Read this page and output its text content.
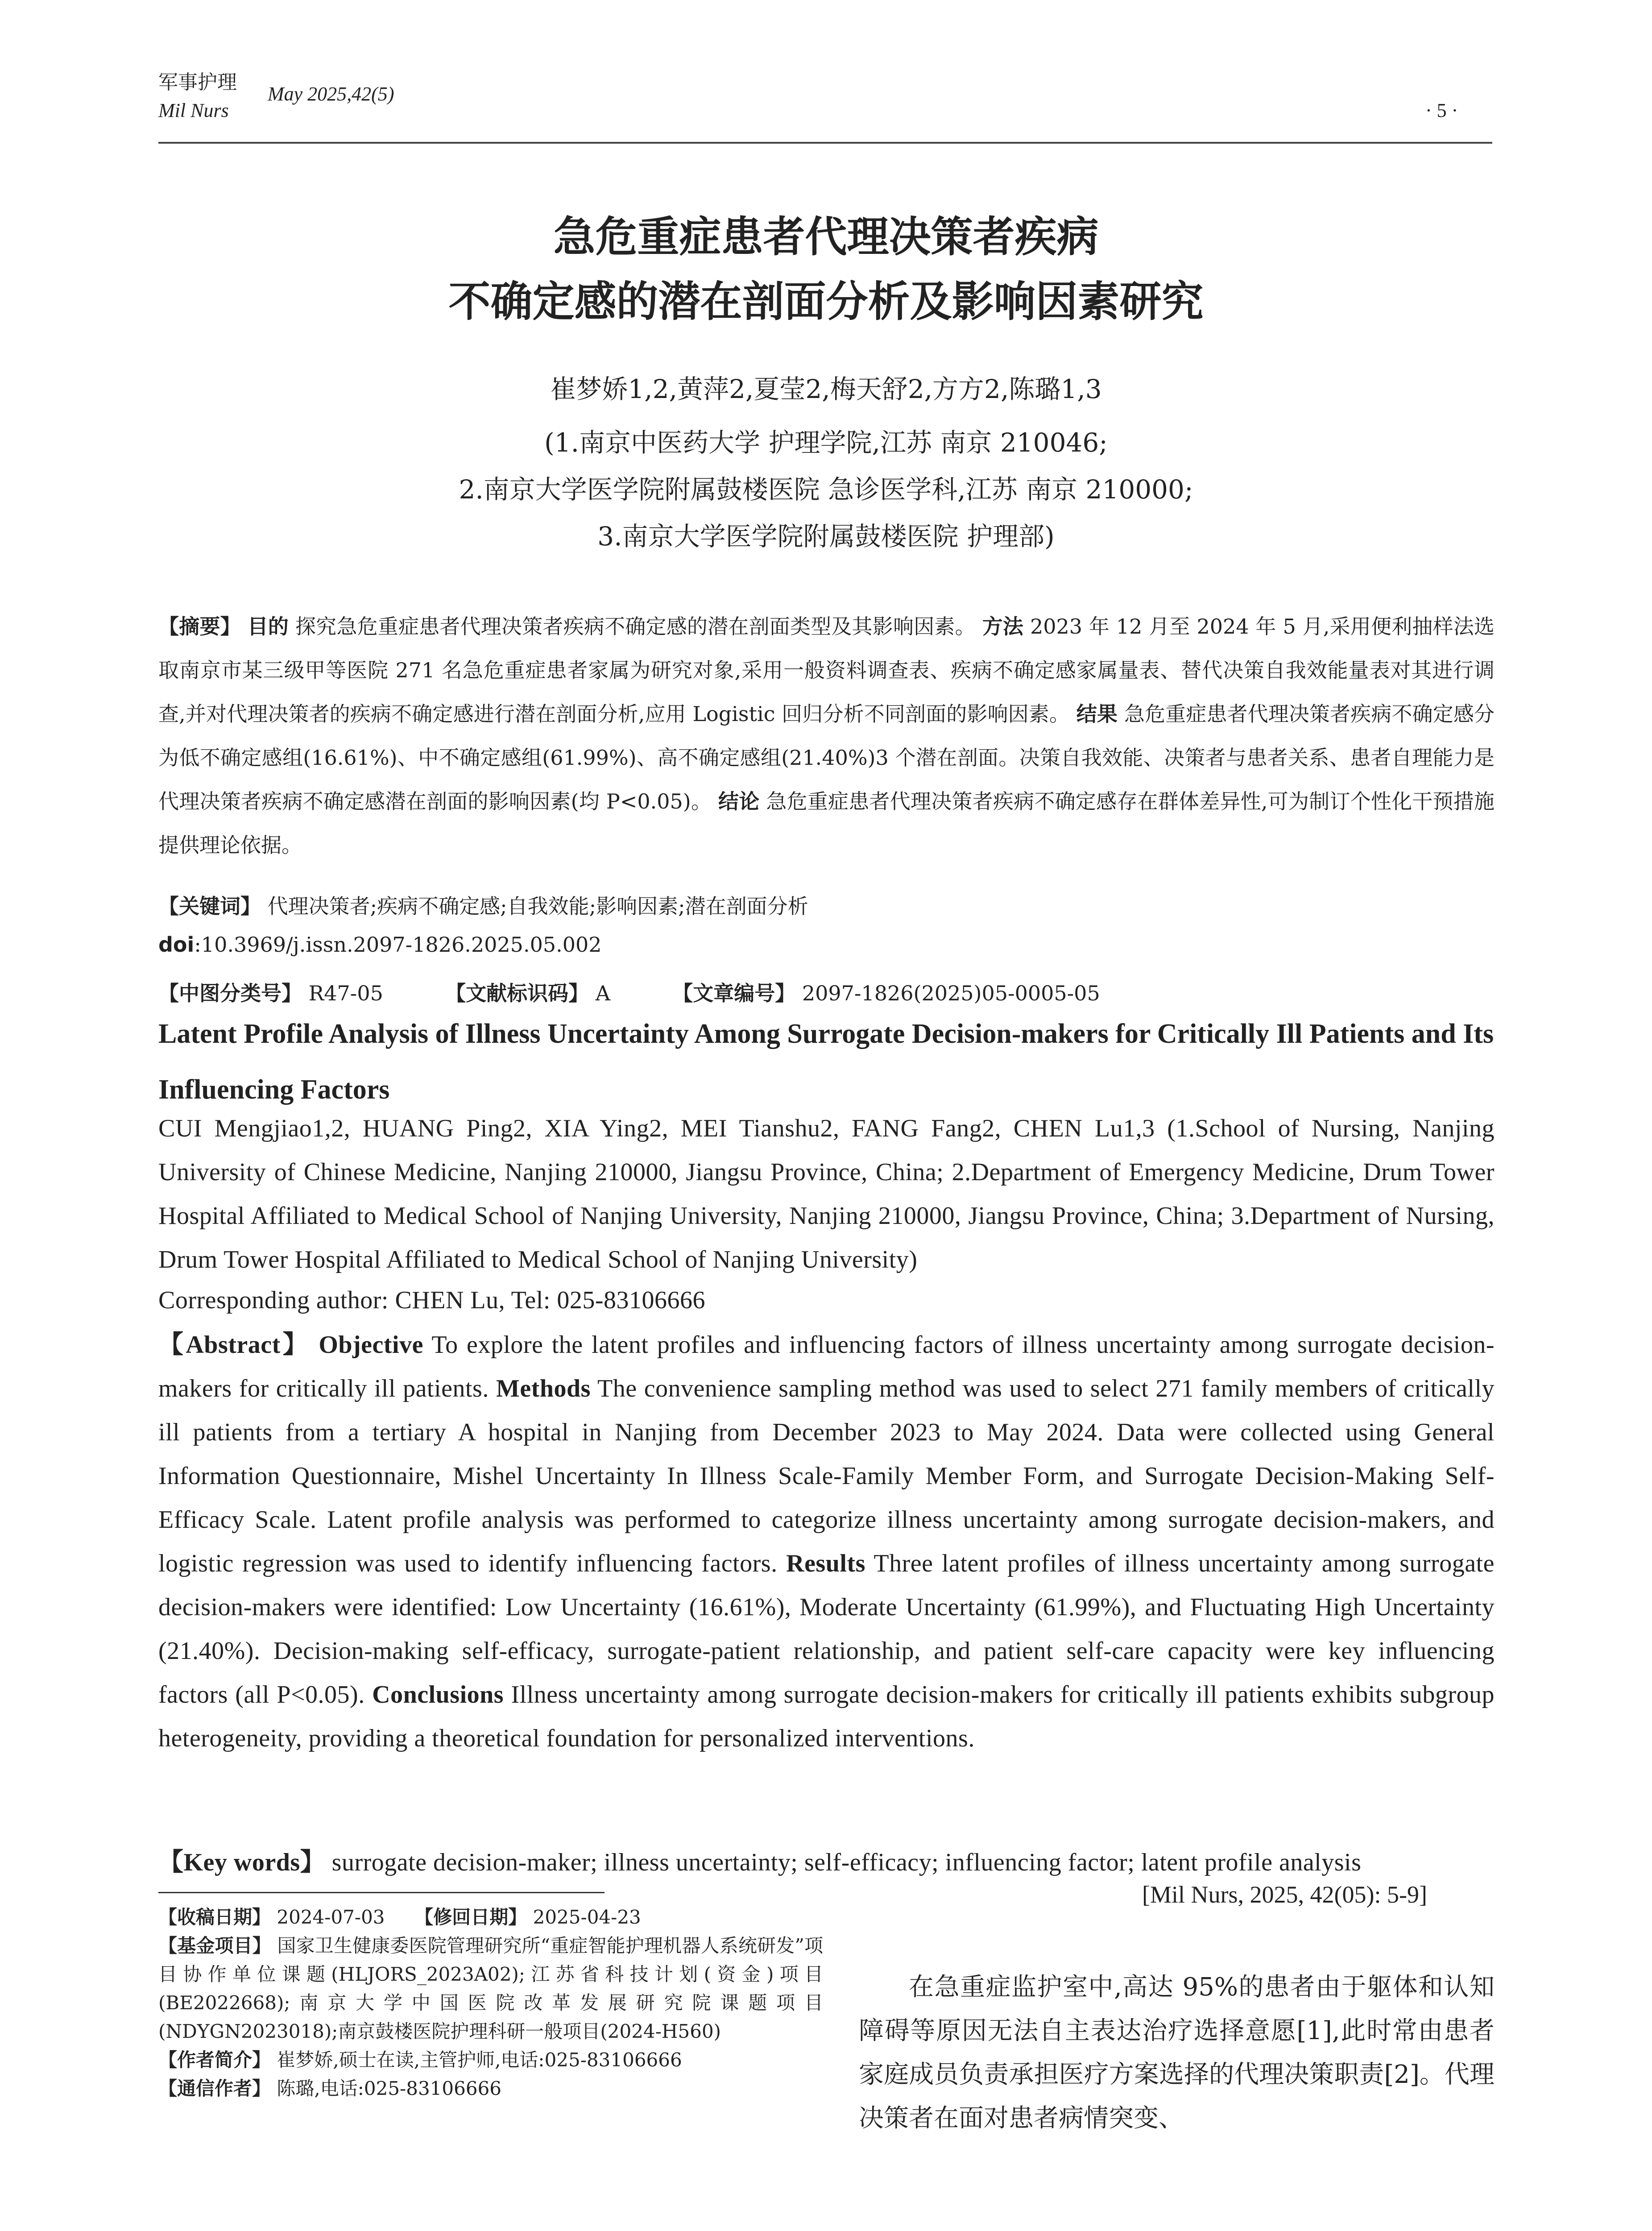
军事护理
Mil Nurs
May 2025,42(5)
· 5 ·
急危重症患者代理决策者疾病
不确定感的潜在剖面分析及影响因素研究
崔梦娇1,2,黄萍2,夏莹2,梅天舒2,方方2,陈璐1,3
(1.南京中医药大学 护理学院,江苏 南京 210046;
2.南京大学医学院附属鼓楼医院 急诊医学科,江苏 南京 210000;
3.南京大学医学院附属鼓楼医院 护理部)
【摘要】 目的 探究急危重症患者代理决策者疾病不确定感的潜在剖面类型及其影响因素。 方法 2023 年 12 月至 2024 年 5 月,采用便利抽样法选取南京市某三级甲等医院 271 名急危重症患者家属为研究对象,采用一般资料调查表、疾病不确定感家属量表、替代决策自我效能量表对其进行调查,并对代理决策者的疾病不确定感进行潜在剖面分析,应用 Logistic 回归分析不同剖面的影响因素。 结果 急危重症患者代理决策者疾病不确定感分为低不确定感组(16.61%)、中不确定感组(61.99%)、高不确定感组(21.40%)3 个潜在剖面。决策自我效能、决策者与患者关系、患者自理能力是代理决策者疾病不确定感潜在剖面的影响因素(均 P<0.05)。 结论 急危重症患者代理决策者疾病不确定感存在群体差异性,可为制订个性化干预措施提供理论依据。
【关键词】 代理决策者;疾病不确定感;自我效能;影响因素;潜在剖面分析
doi:10.3969/j.issn.2097-1826.2025.05.002
【中图分类号】 R47-05	【文献标识码】 A	【文章编号】 2097-1826(2025)05-0005-05
Latent Profile Analysis of Illness Uncertainty Among Surrogate Decision-makers for Critically Ill Patients and Its Influencing Factors
CUI Mengjiao1,2, HUANG Ping2, XIA Ying2, MEI Tianshu2, FANG Fang2, CHEN Lu1,3 (1.School of Nursing, Nanjing University of Chinese Medicine, Nanjing 210000, Jiangsu Province, China; 2.Department of Emergency Medicine, Drum Tower Hospital Affiliated to Medical School of Nanjing University, Nanjing 210000, Jiangsu Province, China; 3.Department of Nursing, Drum Tower Hospital Affiliated to Medical School of Nanjing University)
Corresponding author: CHEN Lu, Tel: 025-83106666
【Abstract】 Objective To explore the latent profiles and influencing factors of illness uncertainty among surrogate decision-makers for critically ill patients. Methods The convenience sampling method was used to select 271 family members of critically ill patients from a tertiary A hospital in Nanjing from December 2023 to May 2024. Data were collected using General Information Questionnaire, Mishel Uncertainty In Illness Scale-Family Member Form, and Surrogate Decision-Making Self-Efficacy Scale. Latent profile analysis was performed to categorize illness uncertainty among surrogate decision-makers, and logistic regression was used to identify influencing factors. Results Three latent profiles of illness uncertainty among surrogate decision-makers were identified: Low Uncertainty (16.61%), Moderate Uncertainty (61.99%), and Fluctuating High Uncertainty (21.40%). Decision-making self-efficacy, surrogate-patient relationship, and patient self-care capacity were key influencing factors (all P<0.05). Conclusions Illness uncertainty among surrogate decision-makers for critically ill patients exhibits subgroup heterogeneity, providing a theoretical foundation for personalized interventions.
【Key words】 surrogate decision-maker; illness uncertainty; self-efficacy; influencing factor; latent profile analysis
[Mil Nurs, 2025, 42(05): 5-9]
【收稿日期】 2024-07-03 【修回日期】 2025-04-23
【基金项目】 国家卫生健康委医院管理研究所“重症智能护理机器人系统研发”项目协作单位课题(HLJORS_2023A02);江苏省科技计划(资金)项目(BE2022668);南京大学中国医院改革发展研究院课题项目(NDYGN2023018);南京鼓楼医院护理科研一般项目(2024-H560)
【作者简介】 崔梦娇,硕士在读,主管护师,电话:025-83106666
【通信作者】 陈璐,电话:025-83106666
在急重症监护室中,高达 95%的患者由于躯体和认知障碍等原因无法自主表达治疗选择意愿[1],此时常由患者家庭成员负责承担医疗方案选择的代理决策职责[2]。代理决策者在面对患者病情突变、
